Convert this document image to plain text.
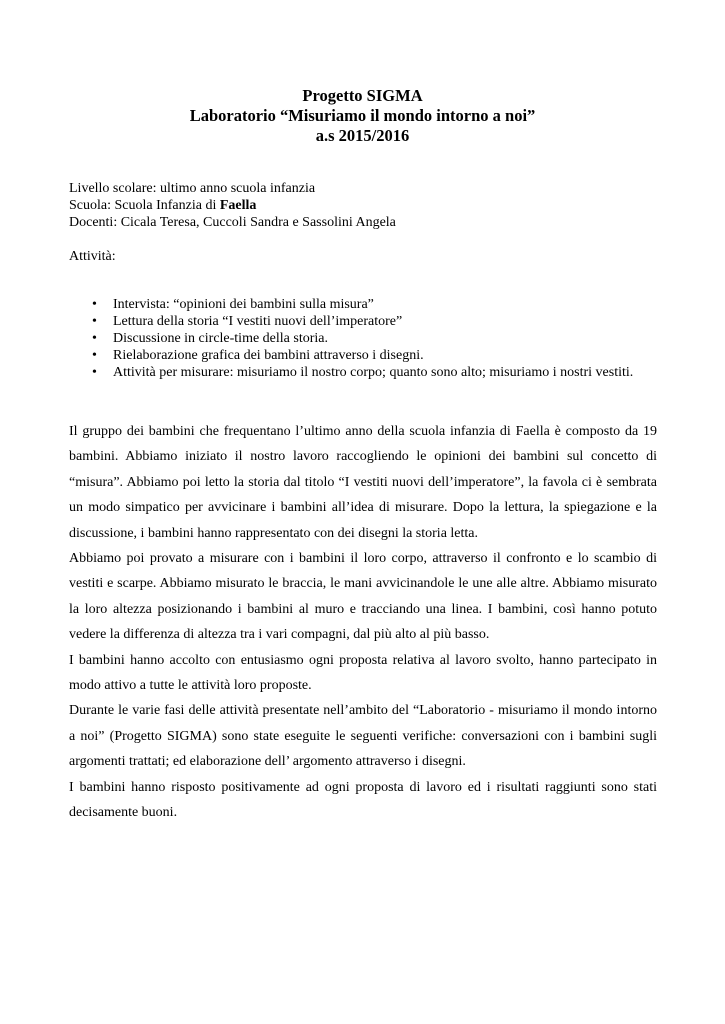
Progetto SIGMA
Laboratorio “Misuriamo il mondo intorno a noi”
a.s 2015/2016
Livello scolare: ultimo anno scuola infanzia
Scuola: Scuola Infanzia di Faella
Docenti: Cicala Teresa, Cuccoli Sandra e Sassolini Angela
Attività:
•	Intervista: “opinioni dei bambini sulla misura”
•	Lettura della storia “I vestiti nuovi dell’imperatore”
•	Discussione in circle-time della storia.
•	Rielaborazione grafica dei bambini attraverso i disegni.
•	Attività per misurare: misuriamo il nostro corpo; quanto sono alto; misuriamo i nostri vestiti.

Il gruppo dei bambini che frequentano l’ultimo anno della scuola infanzia di Faella è composto da 19 bambini. Abbiamo iniziato il nostro lavoro raccogliendo le opinioni dei bambini sul concetto di “misura”. Abbiamo poi letto la storia dal titolo “I vestiti nuovi dell’imperatore”, la favola ci è sembrata un modo simpatico per avvicinare i bambini all’idea di misurare. Dopo la lettura, la spiegazione e la discussione, i bambini hanno rappresentato con dei disegni la storia letta.

Abbiamo poi provato a misurare con i bambini il loro corpo, attraverso il confronto e lo scambio di vestiti e scarpe. Abbiamo misurato le braccia, le mani avvicinandole le une alle altre. Abbiamo misurato la loro altezza posizionando i bambini al muro e tracciando una linea. I bambini, così hanno potuto vedere la differenza di altezza tra i vari compagni, dal più alto al più basso.

I bambini hanno accolto con entusiasmo ogni proposta relativa al lavoro svolto, hanno partecipato in modo attivo a tutte le attività loro proposte.

Durante le varie fasi delle attività presentate nell’ambito del “Laboratorio - misuriamo il mondo intorno a noi” (Progetto SIGMA) sono state eseguite le seguenti verifiche: conversazioni con i bambini sugli argomenti trattati; ed elaborazione dell’ argomento attraverso i disegni.

I bambini hanno risposto positivamente ad ogni proposta di lavoro ed i risultati raggiunti sono stati decisamente buoni.
